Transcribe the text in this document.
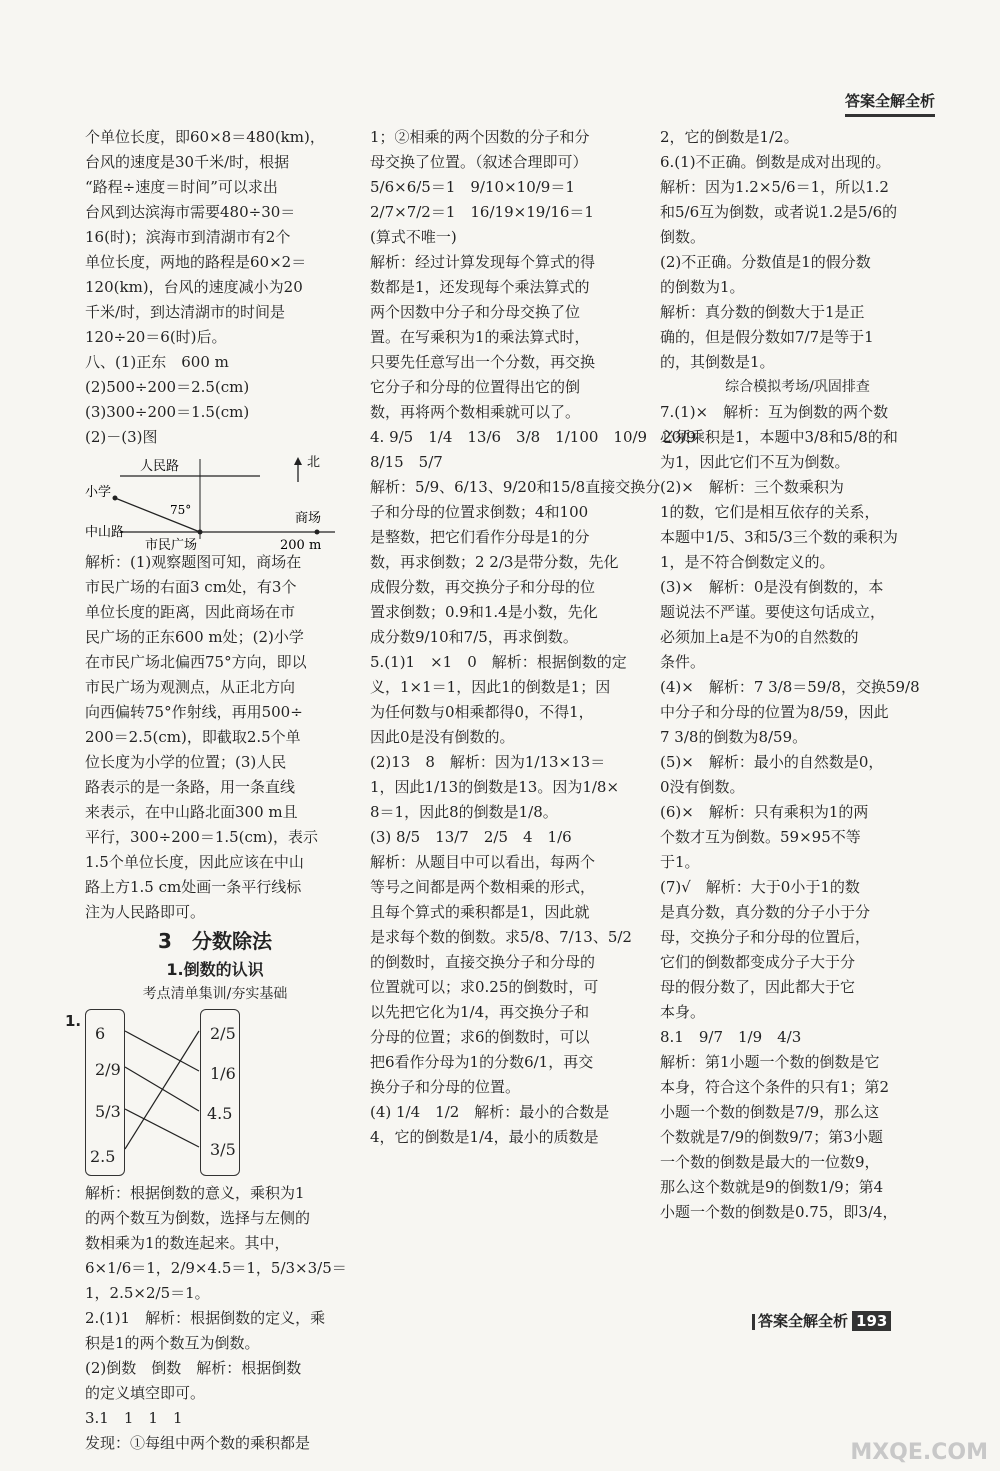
答案全解全析
个单位长度，即60×8＝480(km)，
台风的速度是30千米/时，根据
“路程÷速度＝时间”可以求出
台风到达滨海市需要480÷30＝
16(时)；滨海市到清湖市有2个
单位长度，两地的路程是60×2＝
120(km)，台风的速度减小为20
千米/时，到达清湖市的时间是
120÷20＝6(时)后。
八、(1)正东　600 m
(2)500÷200＝2.5(cm)
(3)300÷200＝1.5(cm)
(2)－(3)图
人民路	北
小学
75°
商场
中山路
市民广场	200 m
解析：(1)观察题图可知，商场在
市民广场的右面3 cm处，有3个
单位长度的距离，因此商场在市
民广场的正东600 m处；(2)小学
在市民广场北偏西75°方向，即以
市民广场为观测点，从正北方向
向西偏转75°作射线，再用500÷
200＝2.5(cm)，即截取2.5个单
位长度为小学的位置；(3)人民
路表示的是一条路，用一条直线
来表示，在中山路北面300 m且
平行，300÷200＝1.5(cm)，表示
1.5个单位长度，因此应该在中山
路上方1.5 cm处画一条平行线标
注为人民路即可。
3　分数除法
1.倒数的认识
考点清单集训/夯实基础
1.
6
2/9
5/3
2.5
2/5
1/6
4.5
3/5
解析：根据倒数的意义，乘积为1
的两个数互为倒数，选择与左侧的
数相乘为1的数连起来。其中，
6×1/6＝1，2/9×4.5＝1，5/3×3/5＝
1，2.5×2/5＝1。
2.(1)1　解析：根据倒数的定义，乘
积是1的两个数互为倒数。
(2)倒数　倒数　解析：根据倒数
的定义填空即可。
3.1　1　1　1
发现：①每组中两个数的乘积都是
1；②相乘的两个因数的分子和分
母交换了位置。（叙述合理即可）
5/6×6/5＝1　9/10×10/9＝1
2/7×7/2＝1　16/19×19/16＝1
(算式不唯一)
解析：经过计算发现每个算式的得
数都是1，还发现每个乘法算式的
两个因数中分子和分母交换了位
置。在写乘积为1的乘法算式时，
只要先任意写出一个分数，再交换
它分子和分母的位置得出它的倒
数，再将两个数相乘就可以了。
4. 9/5　1/4　13/6　3/8　1/100　10/9　20/9
8/15　5/7
解析：5/9、6/13、9/20和15/8直接交换分
子和分母的位置求倒数；4和100
是整数，把它们看作分母是1的分
数，再求倒数；2 2/3是带分数，先化
成假分数，再交换分子和分母的位
置求倒数；0.9和1.4是小数，先化
成分数9/10和7/5，再求倒数。
5.(1)1　×1　0　解析：根据倒数的定
义，1×1＝1，因此1的倒数是1；因
为任何数与0相乘都得0，不得1，
因此0是没有倒数的。
(2)13　8　解析：因为1/13×13＝
1，因此1/13的倒数是13。因为1/8×
8＝1，因此8的倒数是1/8。
(3) 8/5　13/7　2/5　4　1/6
解析：从题目中可以看出，每两个
等号之间都是两个数相乘的形式，
且每个算式的乘积都是1，因此就
是求每个数的倒数。求5/8、7/13、5/2
的倒数时，直接交换分子和分母的
位置就可以；求0.25的倒数时，可
以先把它化为1/4，再交换分子和
分母的位置；求6的倒数时，可以
把6看作分母为1的分数6/1，再交
换分子和分母的位置。
(4) 1/4　1/2　解析：最小的合数是
4，它的倒数是1/4，最小的质数是
2，它的倒数是1/2。
6.(1)不正确。倒数是成对出现的。
解析：因为1.2×5/6＝1，所以1.2
和5/6互为倒数，或者说1.2是5/6的
倒数。
(2)不正确。分数值是1的假分数
的倒数为1。
解析：真分数的倒数大于1是正
确的，但是假分数如7/7是等于1
的，其倒数是1。
综合模拟考场/巩固排查
7.(1)×　解析：互为倒数的两个数
必须乘积是1，本题中3/8和5/8的和
为1，因此它们不互为倒数。
(2)×　解析：三个数乘积为
1的数，它们是相互依存的关系，
本题中1/5、3和5/3三个数的乘积为
1，是不符合倒数定义的。
(3)×　解析：0是没有倒数的，本
题说法不严谨。要使这句话成立，
必须加上a是不为0的自然数的
条件。
(4)×　解析：7 3/8＝59/8，交换59/8
中分子和分母的位置为8/59，因此
7 3/8的倒数为8/59。
(5)×　解析：最小的自然数是0，
0没有倒数。
(6)×　解析：只有乘积为1的两
个数才互为倒数。59×95不等
于1。
(7)√　解析：大于0小于1的数
是真分数，真分数的分子小于分
母，交换分子和分母的位置后，
它们的倒数都变成分子大于分
母的假分数了，因此都大于它
本身。
8.1　9/7　1/9　4/3
解析：第1小题一个数的倒数是它
本身，符合这个条件的只有1；第2
小题一个数的倒数是7/9，那么这
个数就是7/9的倒数9/7；第3小题
一个数的倒数是最大的一位数9，
那么这个数就是9的倒数1/9；第4
小题一个数的倒数是0.75，即3/4，
答案全解全析 193
MXQE.COM
